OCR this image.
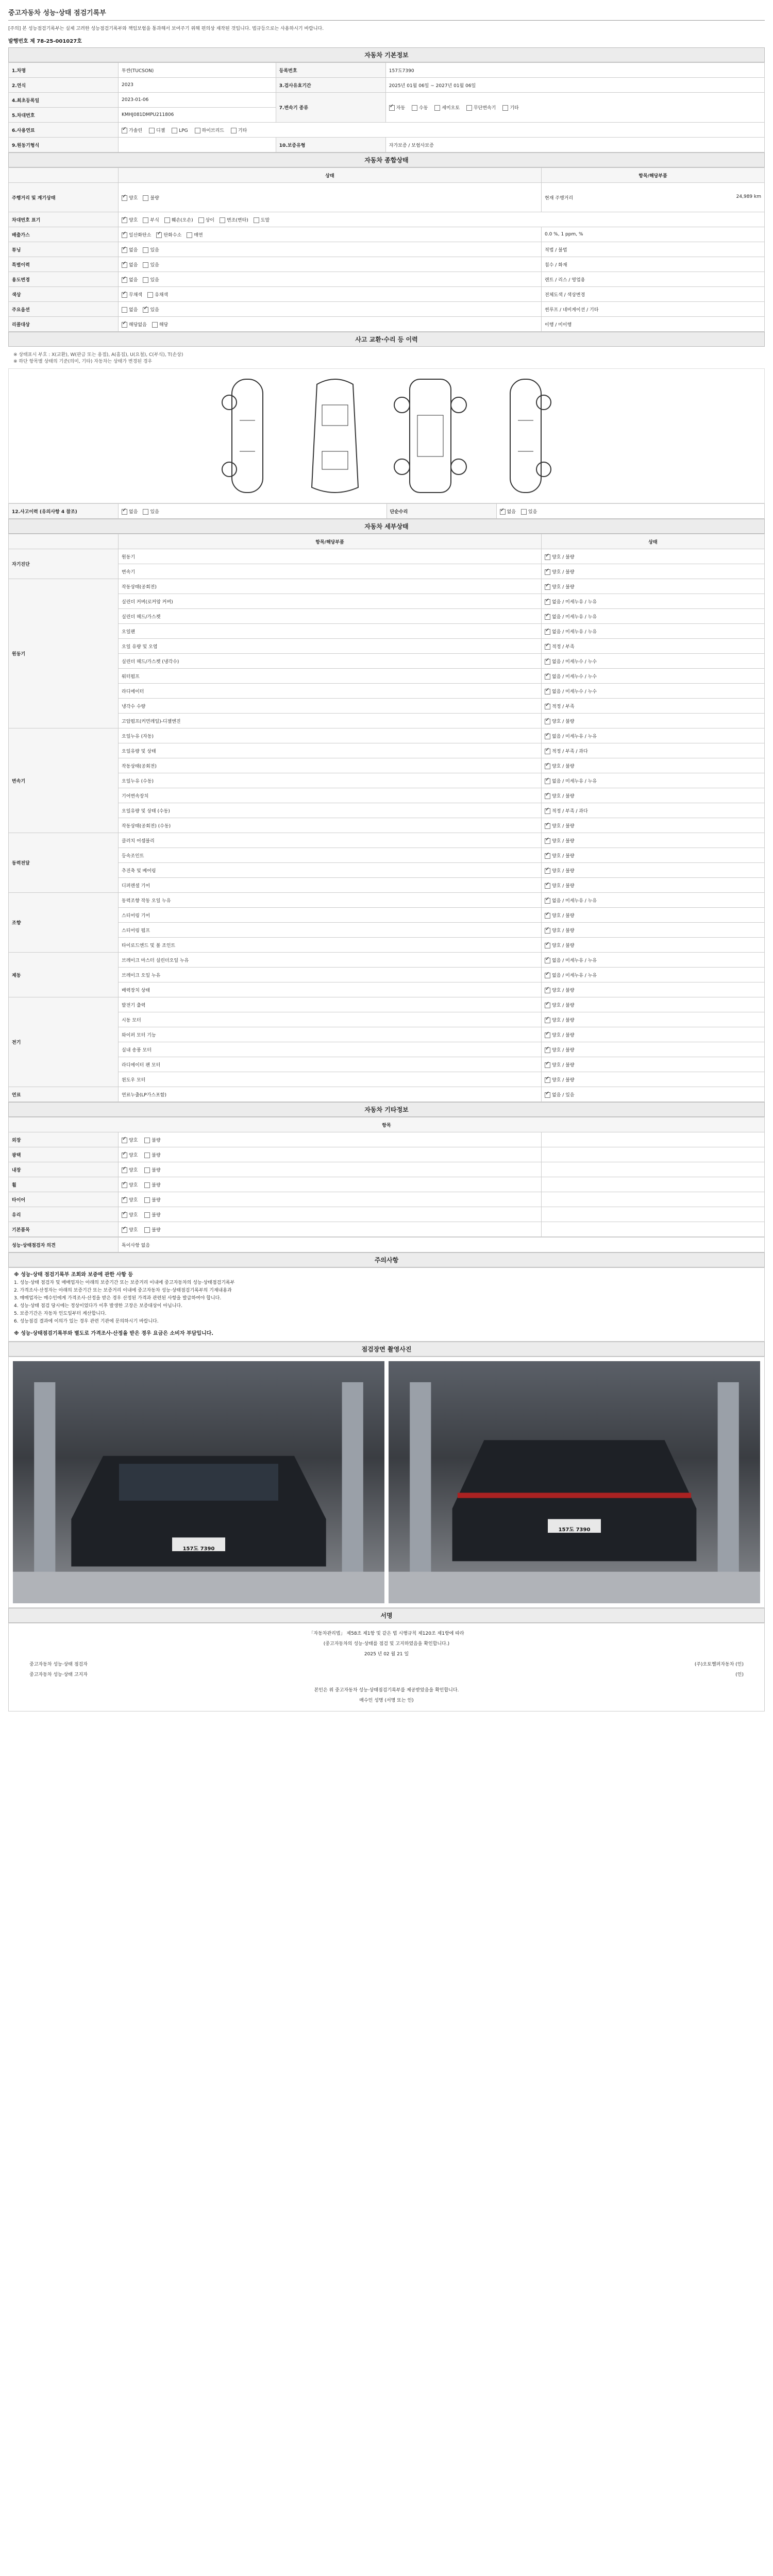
중고자동차 성능·상태 점검기록부
[주의] 본 성능점검기록부는 실제 고려한 성능점검기록부와 책임보험을 통과해서 보여주기 위해 편의상 재작된 것입니다. 법규등으로는 사용하시기 바랍니다.
발행번호 제 78-25-001027호
자동차 기본정보
1.차명	투싼(TUCSON)	등록번호	157도7390
2.연식	2023	3.검사유효기간	2025년 01월 06일 ~ 2027년 01월 06일
4.최초등록일	2023-01-06	7.변속기 종류	✓자동 수동 세미오토 무단변속기 기타
5.차대번호	KMHJ081DMPU211806		
6.사용연료	✓가솔린 디젤 LPG 하이브리드 기타
9.원동기형식		10.보증유형	자가보증 / 보험사보증
자동차 종합상태
	상태	항목/해당부품
주행거리 및 계기상태	✓양호 불량	현재 주행거리 24,989 km

차대번호 표기	✓양호 부식 훼손(오손) 상이 변조(변타) 도말
배출가스	✓일산화탄소 ✓ 탄화수소 매연	0.0 %, 1 ppm, %
튜닝	✓없음 있음	적법 / 불법
특별이력	✓없음 있음	침수 / 화재
용도변경	✓없음 있음	렌트 / 리스 / 영업용
색상	✓무채색 유채색	전체도색 / 색상변경
주요옵션	없음 ✓ 있음	썬루프 / 네비게이션 / 기타
리콜대상	✓해당없음 해당	이행 / 미이행
사고 교환·수리 등 이력
※ 상태표시 부호 : X(교환), W(판금 또는 용접), A(흠집), U(요철), C(부식), T(손상)
※ 하단 항목별 상태의 기준(의미, 기타) 자동차는 상태가 변경된 경우
12.사고이력 (유의사항 4 참조)	✓없음	있음	단순수리	✓없음	있음
자동차 세부상태
	항목/해당부품	상태
자기진단	원동기	✓양호 / 불량
	변속기	✓양호 / 불량
원동기	작동상태(공회전)	✓양호 / 불량
	실린더 커버(로커암 커버)	✓없음 / 미세누유 / 누유
	실린더 헤드/가스켓	✓없음 / 미세누유 / 누유
	오일팬	✓없음 / 미세누유 / 누유
	오일 유량 및 오염	✓적정 / 부족
	실린더 헤드/가스켓 (냉각수)	✓없음 / 미세누수 / 누수
	워터펌프	✓없음 / 미세누수 / 누수
	라디에이터	✓없음 / 미세누수 / 누수
	냉각수 수량	✓적정 / 부족
	고압펌프(커먼레일)-디젤엔진	✓양호 / 불량
변속기	오일누유 (자동)	✓없음 / 미세누유 / 누유
	오일유량 및 상태	✓적정 / 부족 / 과다
	작동상태(공회전)	✓양호 / 불량
	오일누유 (수동)	✓없음 / 미세누유 / 누유
	기어변속장치	✓양호 / 불량
	오일유량 및 상태 (수동)	✓적정 / 부족 / 과다
	작동상태(공회전) (수동)	✓양호 / 불량
동력전달	클러치 어셈블리	✓양호 / 불량
	등속조인트	✓양호 / 불량
	추진축 및 베어링	✓양호 / 불량
	디퍼렌셜 기어	✓양호 / 불량
조향	동력조향 작동 오일 누유	✓없음 / 미세누유 / 누유
	스티어링 기어	✓양호 / 불량
	스티어링 펌프	✓양호 / 불량
	타이로드엔드 및 볼 조인트	✓양호 / 불량
제동	브레이크 마스터 실린더오일 누유	✓없음 / 미세누유 / 누유
	브레이크 오일 누유	✓없음 / 미세누유 / 누유
	배력장치 상태	✓양호 / 불량
전기	발전기 출력	✓양호 / 불량
	시동 모터	✓양호 / 불량
	와이퍼 모터 기능	✓양호 / 불량
	실내 송풍 모터	✓양호 / 불량
	라디에이터 팬 모터	✓양호 / 불량
	윈도우 모터	✓양호 / 불량
연료	연료누출(LP가스포함)	✓없음 / 있음
자동차 기타정보
항목		
외장	✓양호 불량	
광택	✓양호 불량	
내장	✓양호 불량	
휠	✓양호 불량	
타이어	✓양호 불량	
유리	✓양호 불량	
기본품목	✓양호 불량	
성능·상태점검자 의견	특이사항 없음
주의사항
※ 성능·상태 점검기록부 조회와 보증에 관한 사항 등
1. 성능·상태 점검자 및 매매업자는 아래의 보증기간 또는 보증거리 이내에 중고자동차의 성능·상태점검기록부
2. 가격조사·산정자는 아래의 보증기간 또는 보증거리 이내에 중고자동차 성능·상태점검기록부의 기재내용과
3. 매매업자는 매수인에게 가격조사·산정을 받은 경우 산정된 가격과 관련된 사항을 발급하여야 합니다.
4. 성능·상태 점검 당시에는 정상이었다가 이후 발생한 고장은 보증대상이 아닙니다.
5. 보증기간은 자동차 인도일부터 계산합니다.
6. 성능점검 결과에 이의가 있는 경우 관련 기관에 문의하시기 바랍니다.
※ 성능·상태점검기록부와 별도로 가격조사·산정을 받은 경우 요금은 소비자 부담입니다.
점검장면 촬영사진
157도 7390
157도 7390
서명
「자동차관리법」 제58조 제1항 및 같은 법 시행규칙 제120조 제1항에 따라
(중고자동차의 성능·상태를 점검 및 고지하였음을 확인합니다.)
2025 년 02 월 21 일
중고자동차 성능·상태 점검자	(주)오토헬퍼자동차 (인)
중고자동차 성능·상태 고지자	(인)
본인은 위 중고자동차 성능·상태점검기록부를 제공받았음을 확인합니다.
매수인 성명 (서명 또는 인)
